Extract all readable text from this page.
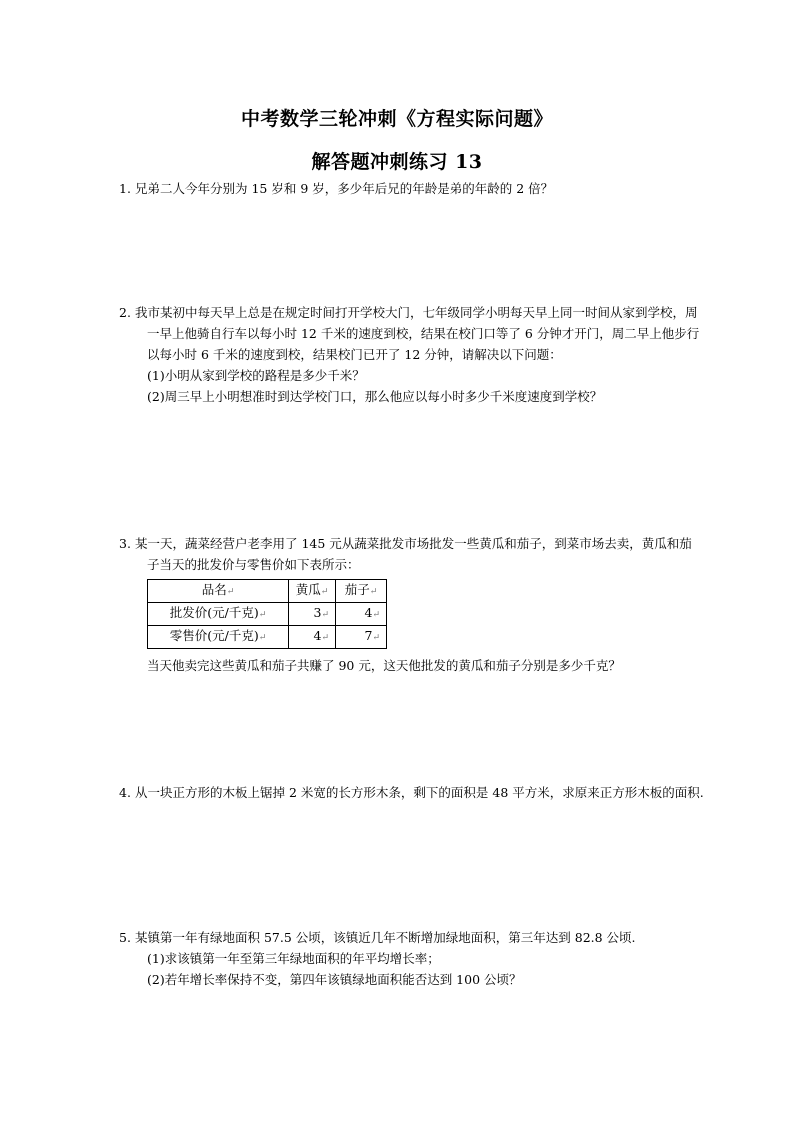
中考数学三轮冲刺《方程实际问题》
解答题冲刺练习 13
1. 兄弟二人今年分别为 15 岁和 9 岁，多少年后兄的年龄是弟的年龄的 2 倍？
2. 我市某初中每天早上总是在规定时间打开学校大门，七年级同学小明每天早上同一时间从家到学校，周一早上他骑自行车以每小时 12 千米的速度到校，结果在校门口等了 6 分钟才开门，周二早上他步行以每小时 6 千米的速度到校，结果校门已开了 12 分钟，请解决以下问题：
(1)小明从家到学校的路程是多少千米？
(2)周三早上小明想准时到达学校门口，那么他应以每小时多少千米度速度到学校？
3. 某一天，蔬菜经营户老李用了 145 元从蔬菜批发市场批发一些黄瓜和茄子，到菜市场去卖，黄瓜和茄子当天的批发价与零售价如下表所示：
品名↵	黄瓜↵	茄子↵
批发价(元/千克)↵	3↵	4↵
零售价(元/千克)↵	4↵	7↵
当天他卖完这些黄瓜和茄子共赚了 90 元，这天他批发的黄瓜和茄子分别是多少千克？
4. 从一块正方形的木板上锯掉 2 米宽的长方形木条，剩下的面积是 48 平方米，求原来正方形木板的面积.
5. 某镇第一年有绿地面积 57.5 公顷，该镇近几年不断增加绿地面积，第三年达到 82.8 公顷.
(1)求该镇第一年至第三年绿地面积的年平均增长率；
(2)若年增长率保持不变，第四年该镇绿地面积能否达到 100 公顷？
